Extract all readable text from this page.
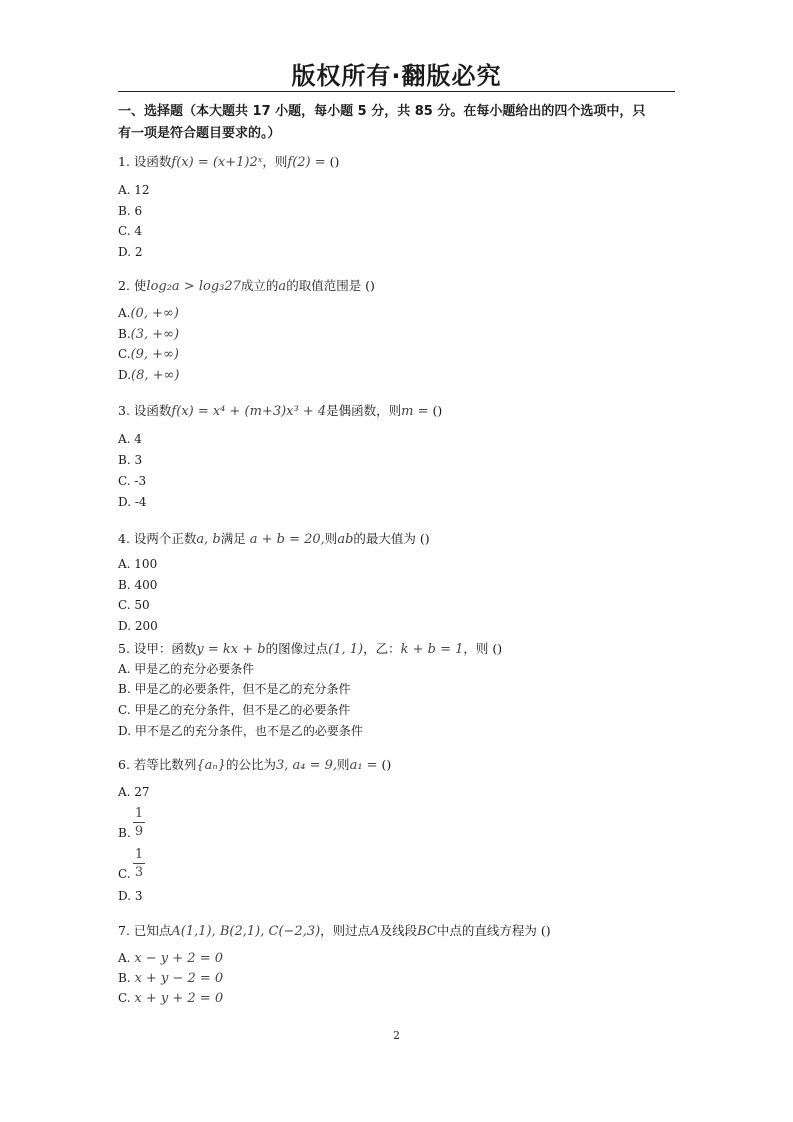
版权所有·翻版必究
一、选择题（本大题共 17 小题，每小题 5 分，共 85 分。在每小题给出的四个选项中，只
有一项是符合题目要求的。）
1. 设函数f(x) = (x+1)2ˣ，则f(2) = ()
A. 12
B. 6
C. 4
D. 2
2. 使log₂a > log₃27成立的a的取值范围是 ()
A.(0, +∞)
B.(3, +∞)
C.(9, +∞)
D.(8, +∞)
3. 设函数f(x) = x⁴ + (m+3)x³ + 4是偶函数，则m = ()
A. 4
B. 3
C. -3
D. -4
4. 设两个正数a, b满足 a + b = 20,则ab的最大值为 ()
A. 100
B. 400
C. 50
D. 200
5. 设甲：函数y = kx + b的图像过点(1, 1)，乙：k + b = 1，则 ()
A. 甲是乙的充分必要条件
B. 甲是乙的必要条件，但不是乙的充分条件
C. 甲是乙的充分条件，但不是乙的必要条件
D. 甲不是乙的充分条件，也不是乙的必要条件
6. 若等比数列{aₙ}的公比为3, a₄ = 9,则a₁ = ()
A. 27
B.
1
9
C.
1
3
D. 3
7. 已知点A(1,1), B(2,1), C(−2,3)，则过点A及线段BC中点的直线方程为 ()
A. x − y + 2 = 0
B. x + y − 2 = 0
C. x + y + 2 = 0
2
